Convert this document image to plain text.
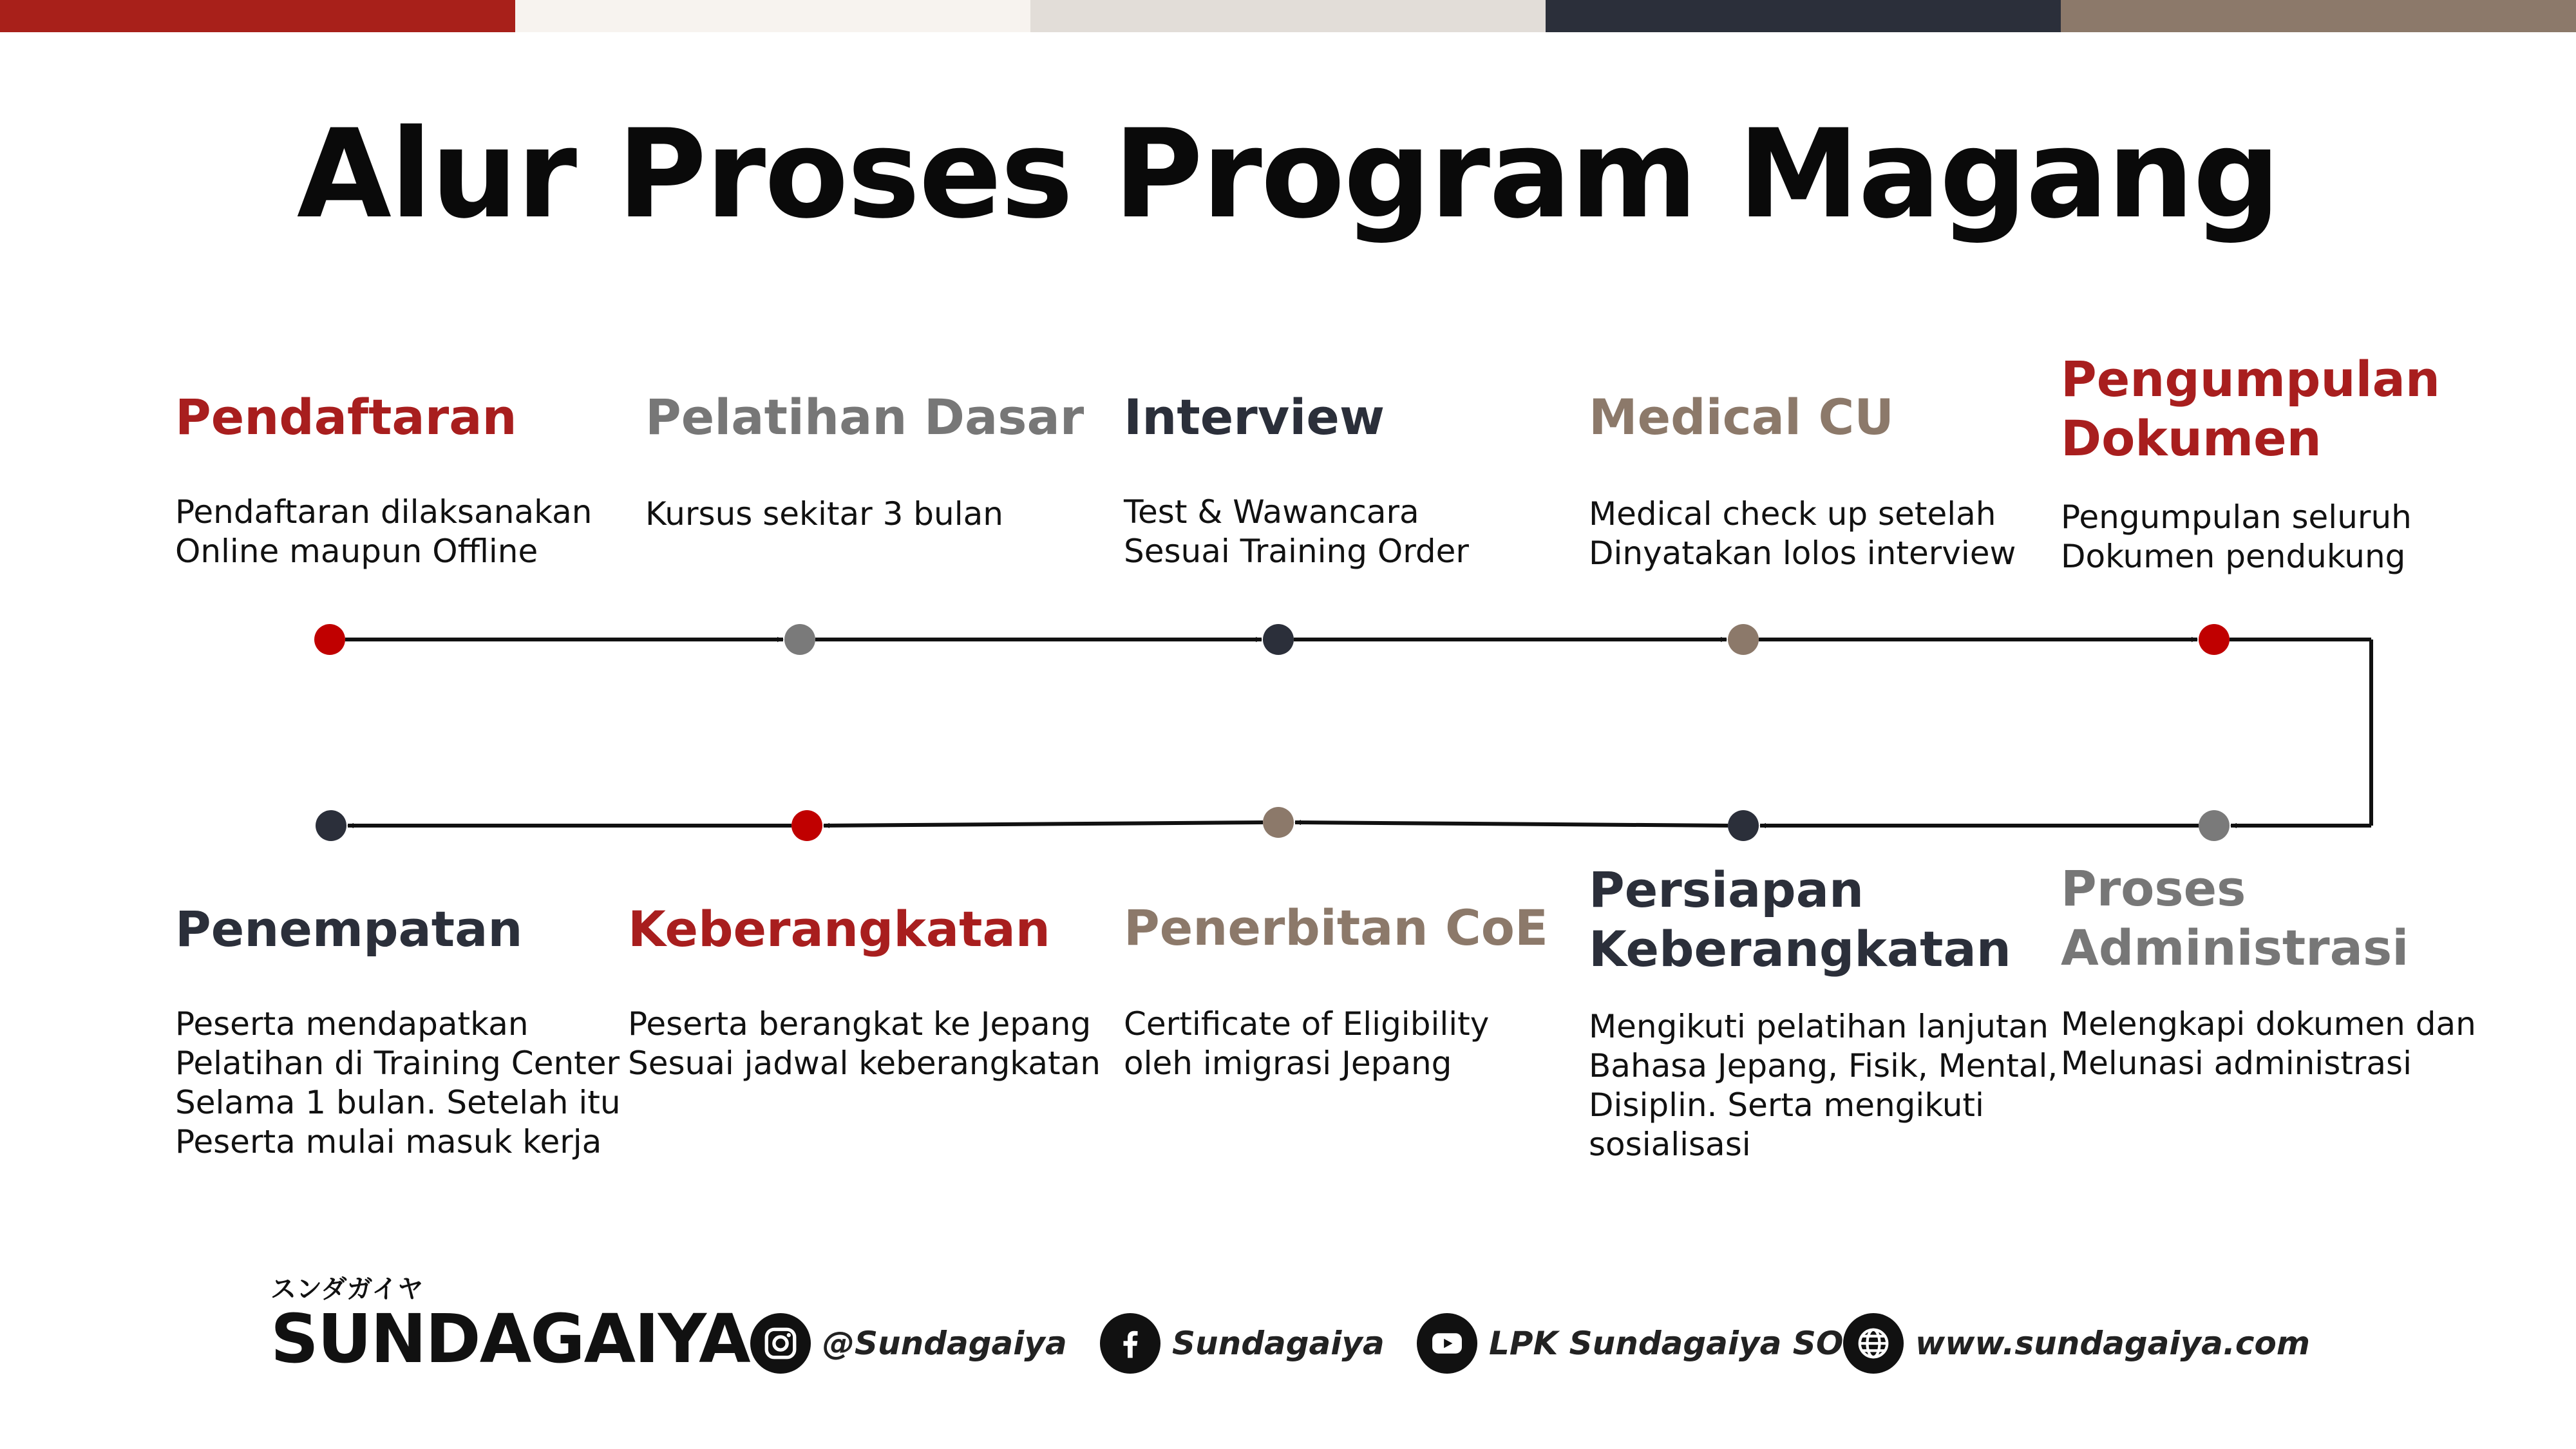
Alur Proses Program Magang
Pendaftaran

Pendaftaran dilaksanakan
Online maupun Offline

Pelatihan Dasar

Kursus sekitar 3 bulan

Interview

Test & Wawancara
Sesuai Training Order

Medical CU

Medical check up setelah
Dinyatakan lolos interview

Pengumpulan
Dokumen

Pengumpulan seluruh
Dokumen pendukung

Proses
Administrasi

Melengkapi dokumen dan
Melunasi administrasi

Persiapan
Keberangkatan

Mengikuti pelatihan lanjutan
Bahasa Jepang, Fisik, Mental,
Disiplin. Serta mengikuti
sosialisasi

Penerbitan CoE

Certificate of Eligibility
oleh imigrasi Jepang

Keberangkatan

Peserta berangkat ke Jepang
Sesuai jadwal keberangkatan

Penempatan

Peserta mendapatkan
Pelatihan di Training Center
Selama 1 bulan. Setelah itu
Peserta mulai masuk kerja

スンダガイヤ
SUNDAGAIYA @Sundagaiya	Sundagaiya	LPK Sundagaiya SO www.sundagaiya.com
